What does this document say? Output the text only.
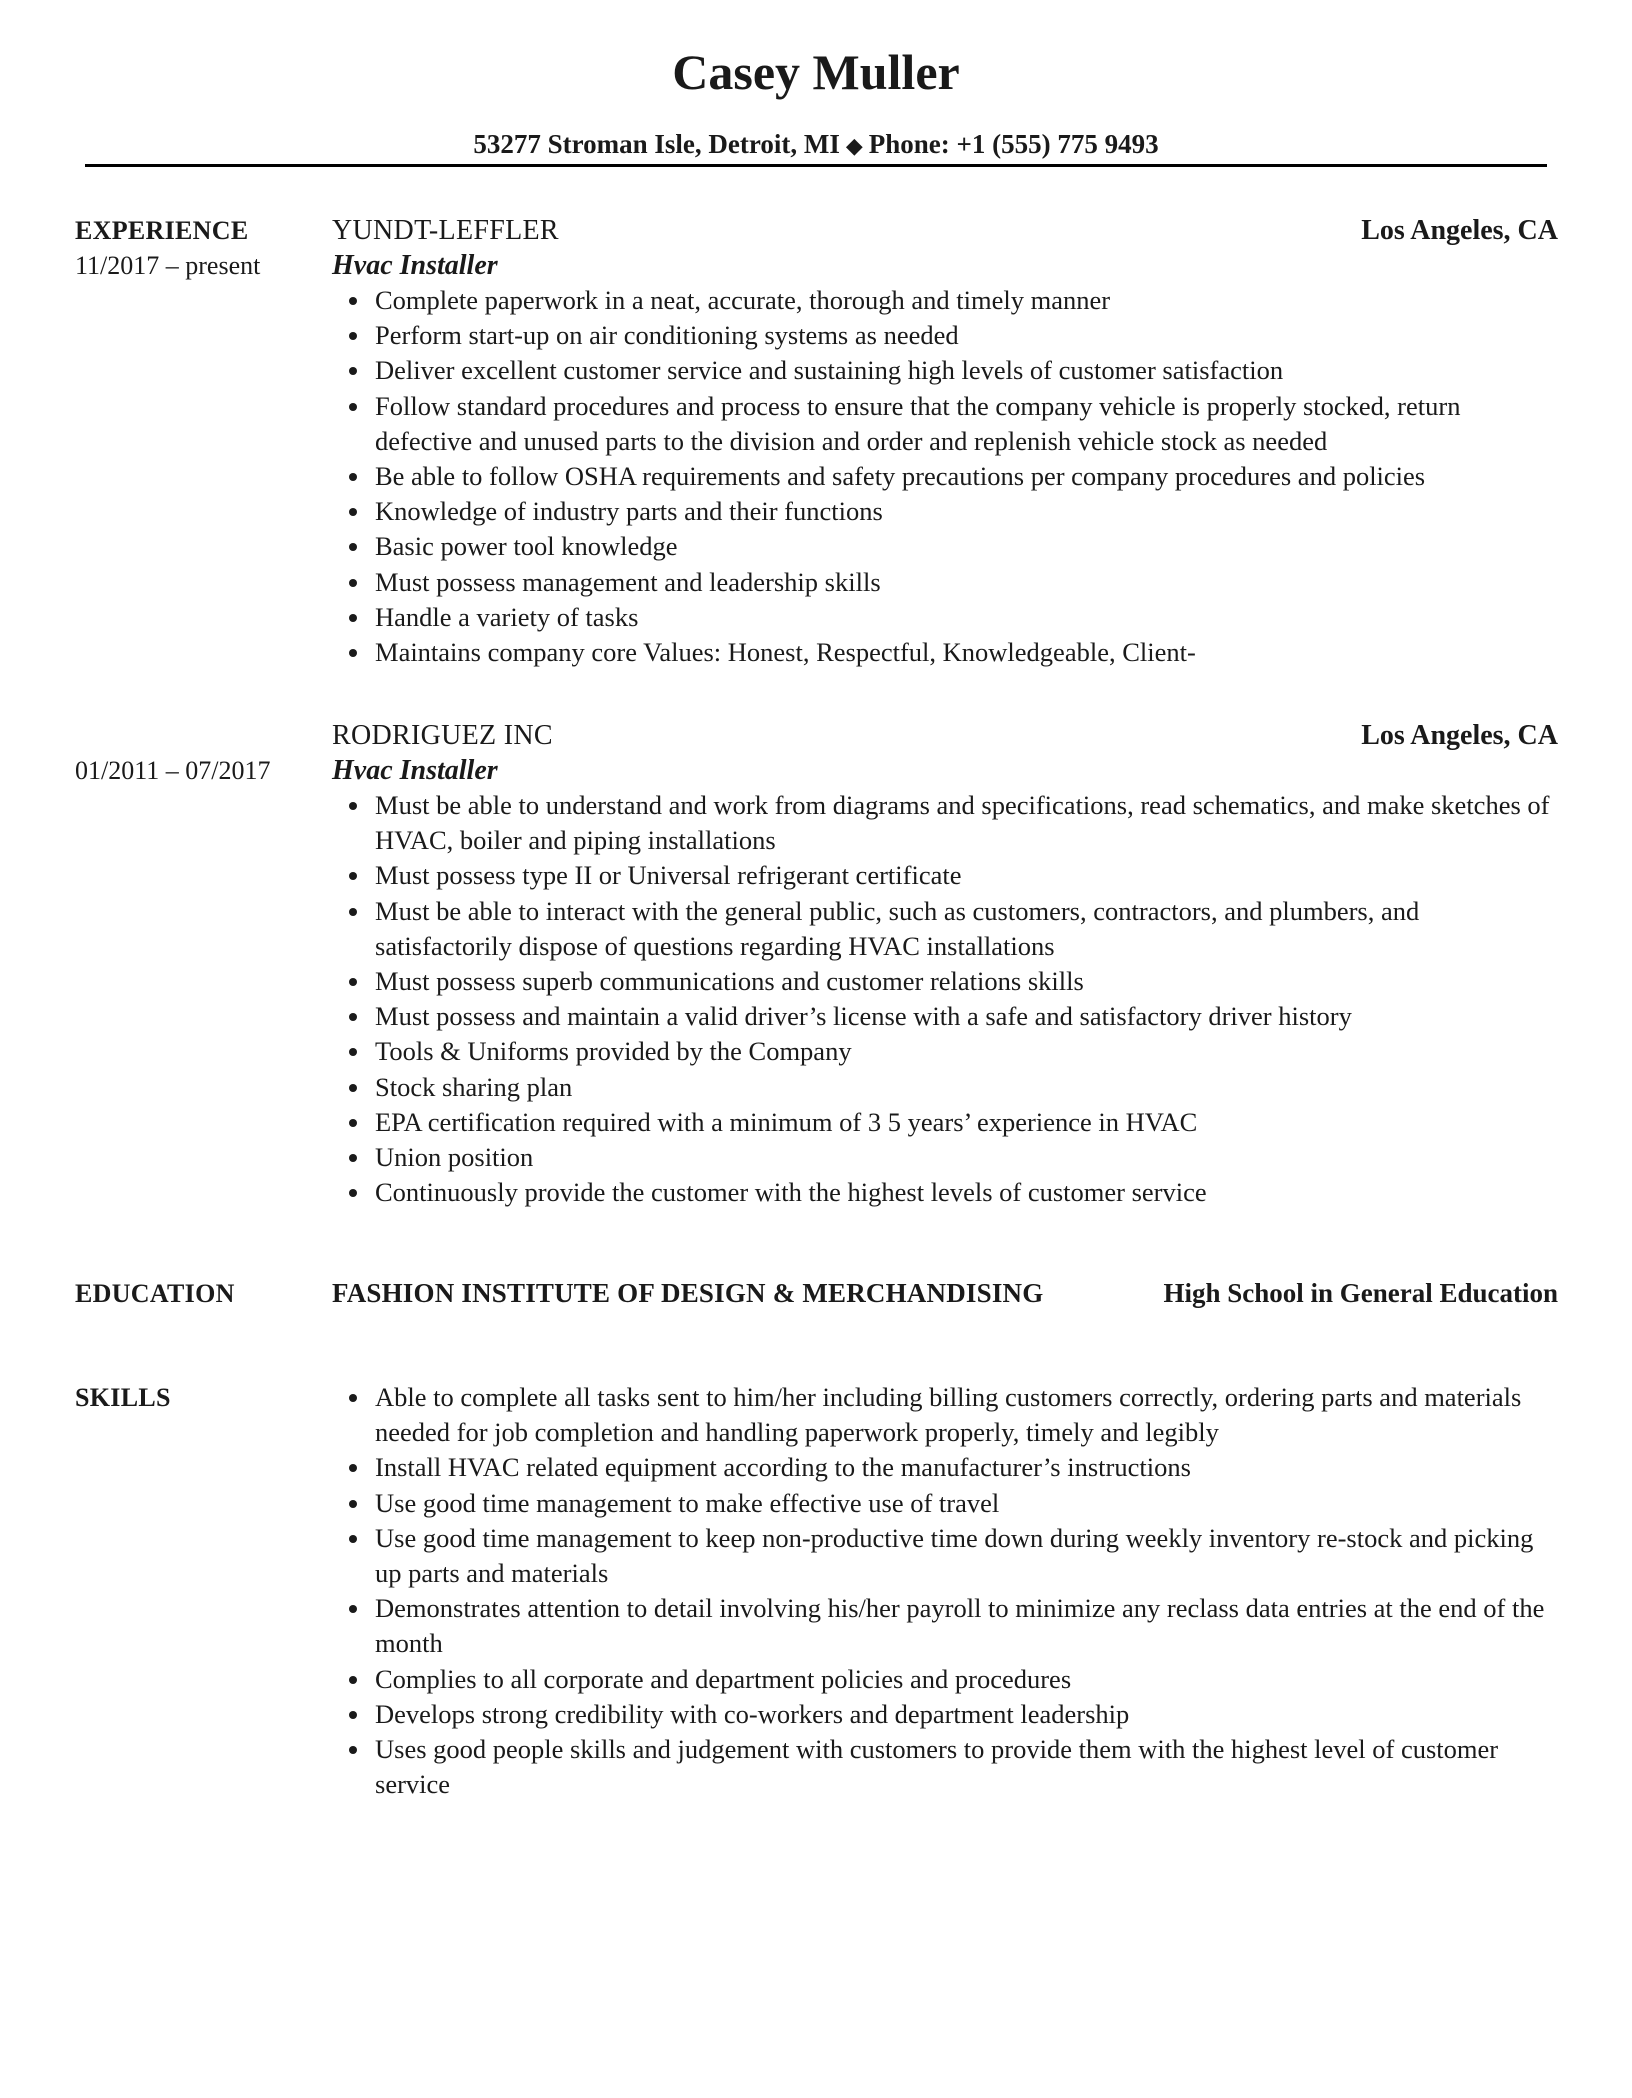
Casey Muller
53277 Stroman Isle, Detroit, MI ◆ Phone: +1 (555) 775 9493
EXPERIENCE
11/2017 – present
YUNDT-LEFFLER	Los Angeles, CA
Hvac Installer
Complete paperwork in a neat, accurate, thorough and timely manner
Perform start-up on air conditioning systems as needed
Deliver excellent customer service and sustaining high levels of customer satisfaction
Follow standard procedures and process to ensure that the company vehicle is properly stocked, return defective and unused parts to the division and order and replenish vehicle stock as needed
Be able to follow OSHA requirements and safety precautions per company procedures and policies
Knowledge of industry parts and their functions
Basic power tool knowledge
Must possess management and leadership skills
Handle a variety of tasks
Maintains company core Values: Honest, Respectful, Knowledgeable, Client-
01/2011 – 07/2017
RODRIGUEZ INC	Los Angeles, CA
Hvac Installer
Must be able to understand and work from diagrams and specifications, read schematics, and make sketches of HVAC, boiler and piping installations
Must possess type II or Universal refrigerant certificate
Must be able to interact with the general public, such as customers, contractors, and plumbers, and satisfactorily dispose of questions regarding HVAC installations
Must possess superb communications and customer relations skills
Must possess and maintain a valid driver’s license with a safe and satisfactory driver history
Tools & Uniforms provided by the Company
Stock sharing plan
EPA certification required with a minimum of 3 5 years’ experience in HVAC
Union position
Continuously provide the customer with the highest levels of customer service
EDUCATION	FASHION INSTITUTE OF DESIGN & MERCHANDISING	High School in General Education
SKILLS	Able to complete all tasks sent to him/her including billing customers correctly, ordering parts and materials needed for job completion and handling paperwork properly, timely and legibly
Install HVAC related equipment according to the manufacturer’s instructions
Use good time management to make effective use of travel
Use good time management to keep non-productive time down during weekly inventory re-stock and picking up parts and materials
Demonstrates attention to detail involving his/her payroll to minimize any reclass data entries at the end of the month
Complies to all corporate and department policies and procedures
Develops strong credibility with co-workers and department leadership
Uses good people skills and judgement with customers to provide them with the highest level of customer service
